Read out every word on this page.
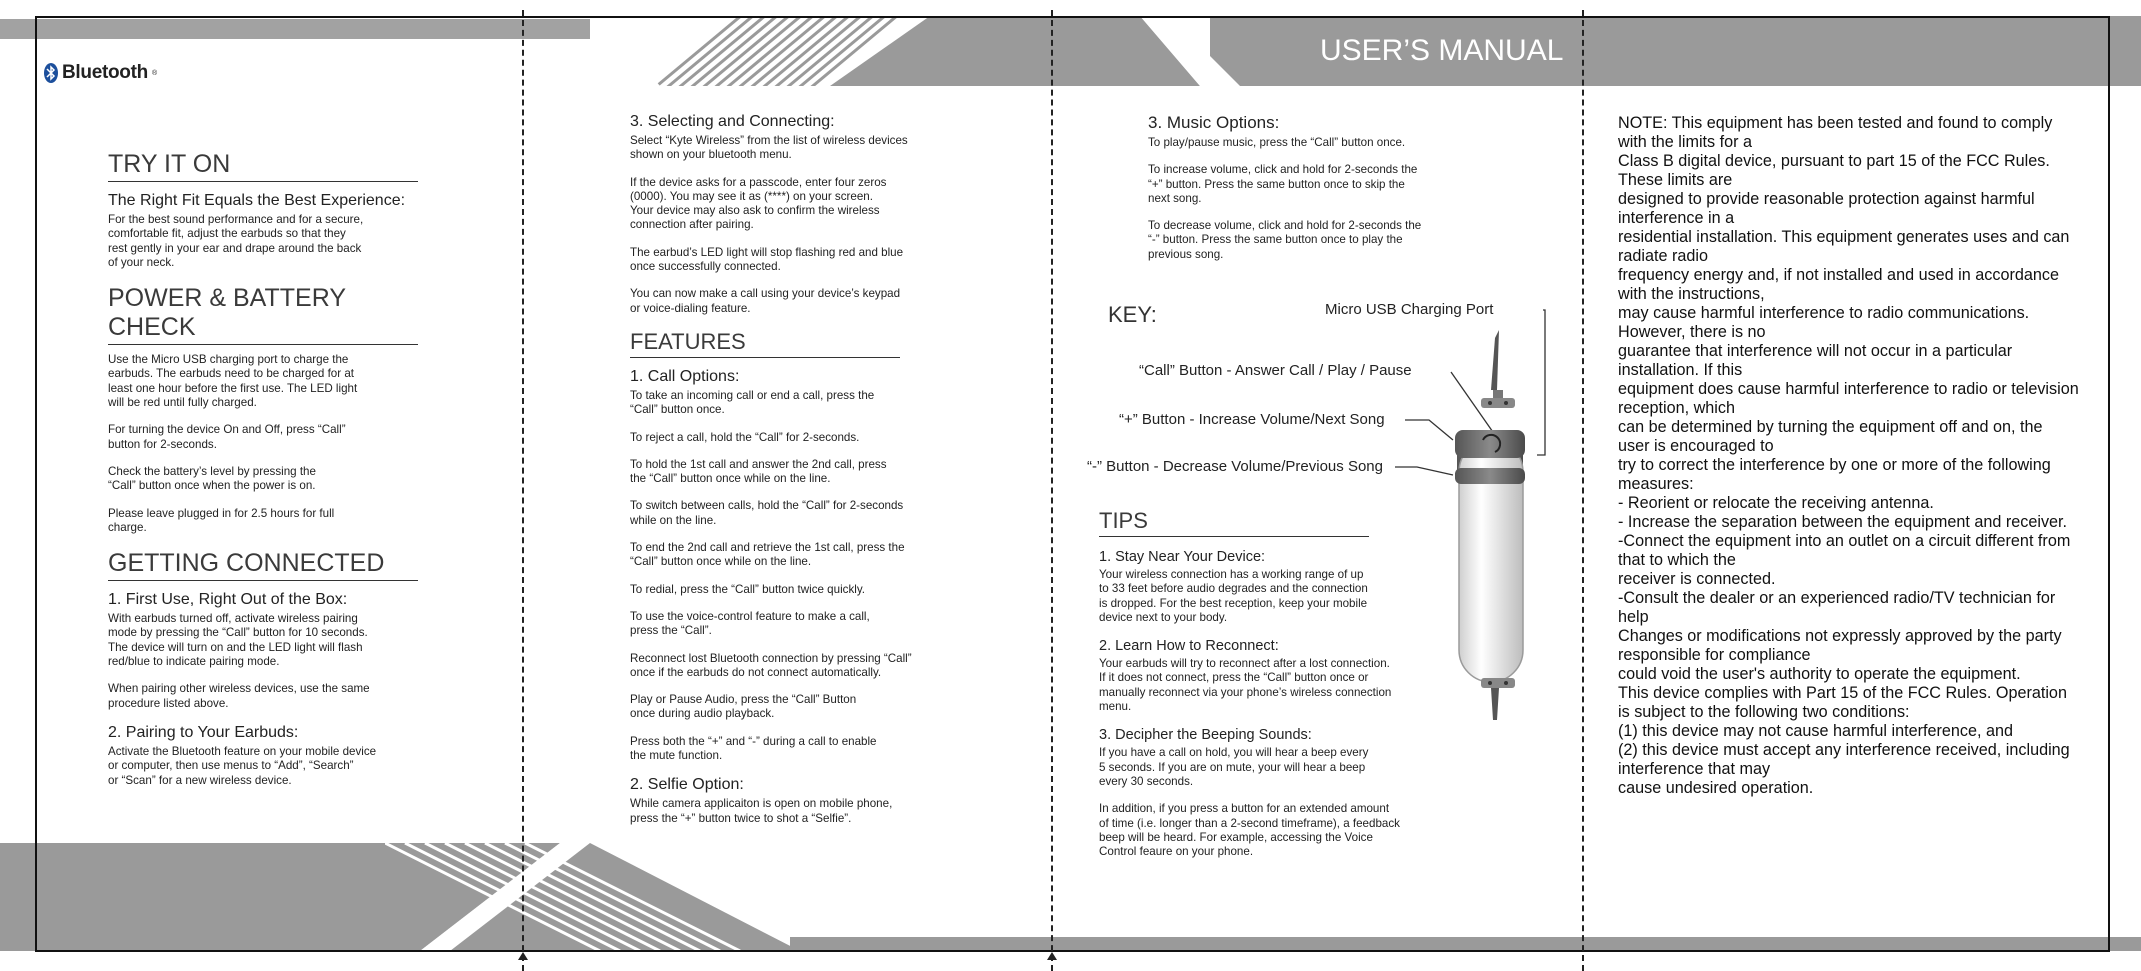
USER’S MANUAL
Bluetooth ®
TRY IT ON
The Right Fit Equals the Best Experience:
For the best sound performance and for a secure,
comfortable fit, adjust the earbuds so that they
rest gently in your ear and drape around the back
of your neck.
POWER & BATTERY CHECK
Use the Micro USB charging port to charge the
earbuds. The earbuds need to be charged for at
least one hour before the first use. The LED light
will be red until fully charged.
For turning the device On and Off, press “Call”
button for 2-seconds.
Check the battery’s level by pressing the
“Call” button once when the power is on.
Please leave plugged in for 2.5 hours for full
charge.
GETTING CONNECTED
1. First Use, Right Out of the Box:
With earbuds turned off, activate wireless pairing
mode by pressing the “Call” button for 10 seconds.
The device will turn on and the LED light will flash
red/blue to indicate pairing mode.
When pairing other wireless devices, use the same
procedure listed above.
2. Pairing to Your Earbuds:
Activate the Bluetooth feature on your mobile device
or computer, then use menus to “Add”, “Search”
or “Scan” for a new wireless device.
3. Selecting and Connecting:
Select “Kyte Wireless” from the list of wireless devices
shown on your bluetooth menu.
If the device asks for a passcode, enter four zeros
(0000). You may see it as (****) on your screen.
Your device may also ask to confirm the wireless
connection after pairing.
The earbud’s LED light will stop flashing red and blue
once successfully connected.
You can now make a call using your device’s keypad
or voice-dialing feature.
FEATURES
1. Call Options:
To take an incoming call or end a call, press the
“Call” button once.
To reject a call, hold the “Call” for 2-seconds.
To hold the 1st call and answer the 2nd call, press
the “Call” button once while on the line.
To switch between calls, hold the “Call” for 2-seconds
while on the line.
To end the 2nd call and retrieve the 1st call, press the
“Call” button once while on the line.
To redial, press the “Call” button twice quickly.
To use the voice-control feature to make a call,
press the “Call”.
Reconnect lost Bluetooth connection by pressing “Call”
once if the earbuds do not connect automatically.
Play or Pause Audio, press the “Call” Button
once during audio playback.
Press both the “+” and “-” during a call to enable
the mute function.
2. Selfie Option:
While camera applicaiton is open on mobile phone,
press the “+” button twice to shot a “Selfie”.
3. Music Options:
To play/pause music, press the “Call” button once.
To increase volume, click and hold for 2-seconds the
“+” button. Press the same button once to skip the
next song.
To decrease volume, click and hold for 2-seconds the
“-” button. Press the same button once to play the
previous song.
KEY:	Micro USB Charging Port
“Call” Button - Answer Call / Play / Pause
“+” Button - Increase Volume/Next Song
“-” Button - Decrease Volume/Previous Song
TIPS
1. Stay Near Your Device:
Your wireless connection has a working range of up
to 33 feet before audio degrades and the connection
is dropped. For the best reception, keep your mobile
device next to your body.
2. Learn How to Reconnect:
Your earbuds will try to reconnect after a lost connection.
If it does not connect, press the “Call” button once or
manually reconnect via your phone’s wireless connection
menu.
3. Decipher the Beeping Sounds:
If you have a call on hold, you will hear a beep every
5 seconds. If you are on mute, your will hear a beep
every 30 seconds.
In addition, if you press a button for an extended amount
of time (i.e. longer than a 2-second timeframe), a feedback
beep will be heard. For example, accessing the Voice
Control feaure on your phone.
NOTE: This equipment has been tested and found to comply
with the limits for a
Class B digital device, pursuant to part 15 of the FCC Rules.
These limits are
designed to provide reasonable protection against harmful
interference in a
residential installation. This equipment generates uses and can
radiate radio
frequency energy and, if not installed and used in accordance
with the instructions,
may cause harmful interference to radio communications.
However, there is no
guarantee that interference will not occur in a particular
installation. If this
equipment does cause harmful interference to radio or television
reception, which
can be determined by turning the equipment off and on, the
user is encouraged to
try to correct the interference by one or more of the following
measures:
- Reorient or relocate the receiving antenna.
- Increase the separation between the equipment and receiver.
-Connect the equipment into an outlet on a circuit different from
that to which the
receiver is connected.
-Consult the dealer or an experienced radio/TV technician for
help
Changes or modifications not expressly approved by the party
responsible for compliance
could void the user's authority to operate the equipment.
This device complies with Part 15 of the FCC Rules. Operation
is subject to the following two conditions:
(1) this device may not cause harmful interference, and
(2) this device must accept any interference received, including
interference that may
cause undesired operation.
